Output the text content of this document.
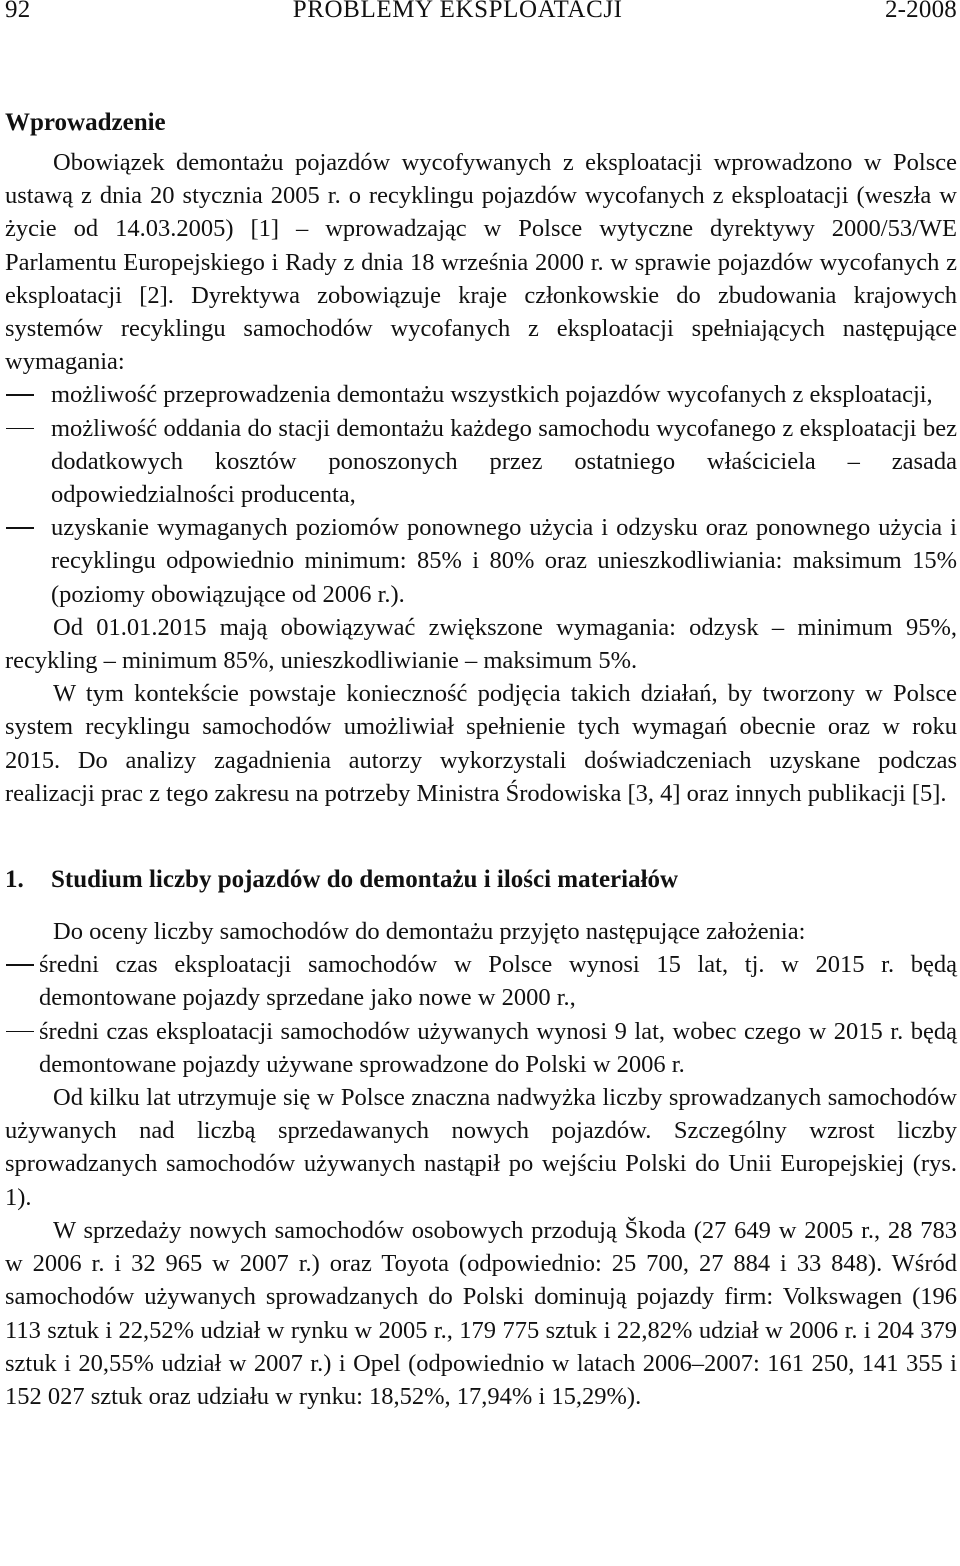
92	PROBLEMY EKSPLOATACJI	2-2008
Wprowadzenie

Obowiązek demontażu pojazdów wycofywanych z eksploatacji wprowadzono w Polsce ustawą z dnia 20 stycznia 2005 r. o recyklingu pojazdów wycofanych z eksploatacji (weszła w życie od 14.03.2005) [1] – wprowadzając w Polsce wytyczne dyrektywy 2000/53/WE Parlamentu Europejskiego i Rady z dnia 18 września 2000 r. w sprawie pojazdów wycofanych z eksploatacji [2]. Dyrektywa zobowiązuje kraje członkowskie do zbudowania krajowych systemów recyklingu samochodów wycofanych z eksploatacji spełniających następujące wymagania:

możliwość przeprowadzenia demontażu wszystkich pojazdów wycofanych z eksploatacji,
możliwość oddania do stacji demontażu każdego samochodu wycofanego z eksploatacji bez dodatkowych kosztów ponoszonych przez ostatniego właściciela – zasada odpowiedzialności producenta,
uzyskanie wymaganych poziomów ponownego użycia i odzysku oraz ponownego użycia i recyklingu odpowiednio minimum: 85% i 80% oraz unieszkodliwiania: maksimum 15% (poziomy obowiązujące od 2006 r.).

Od 01.01.2015 mają obowiązywać zwiększone wymagania: odzysk – minimum 95%, recykling – minimum 85%, unieszkodliwianie – maksimum 5%.

W tym kontekście powstaje konieczność podjęcia takich działań, by tworzony w Polsce system recyklingu samochodów umożliwiał spełnienie tych wymagań obecnie oraz w roku 2015. Do analizy zagadnienia autorzy wykorzystali doświadczeniach uzyskane podczas realizacji prac z tego zakresu na potrzeby Ministra Środowiska [3, 4] oraz innych publikacji [5].

1.	Studium liczby pojazdów do demontażu i ilości materiałów

Do oceny liczby samochodów do demontażu przyjęto następujące założenia:

średni czas eksploatacji samochodów w Polsce wynosi 15 lat, tj. w 2015 r. będą demontowane pojazdy sprzedane jako nowe w 2000 r.,
średni czas eksploatacji samochodów używanych wynosi 9 lat, wobec czego w 2015 r. będą demontowane pojazdy używane sprowadzone do Polski w 2006 r.

Od kilku lat utrzymuje się w Polsce znaczna nadwyżka liczby sprowadzanych samochodów używanych nad liczbą sprzedawanych nowych pojazdów. Szczególny wzrost liczby sprowadzanych samochodów używanych nastąpił po wejściu Polski do Unii Europejskiej (rys. 1).

W sprzedaży nowych samochodów osobowych przodują Škoda (27 649 w 2005 r., 28 783 w 2006 r. i 32 965 w 2007 r.) oraz Toyota (odpowiednio: 25 700, 27 884 i 33 848). Wśród samochodów używanych sprowadzanych do Polski dominują pojazdy firm: Volkswagen (196 113 sztuk i 22,52% udział w rynku w 2005 r., 179 775 sztuk i 22,82% udział w 2006 r. i 204 379 sztuk i 20,55% udział w 2007 r.) i Opel (odpowiednio w latach 2006–2007: 161 250, 141 355 i 152 027 sztuk oraz udziału w rynku: 18,52%, 17,94% i 15,29%).
